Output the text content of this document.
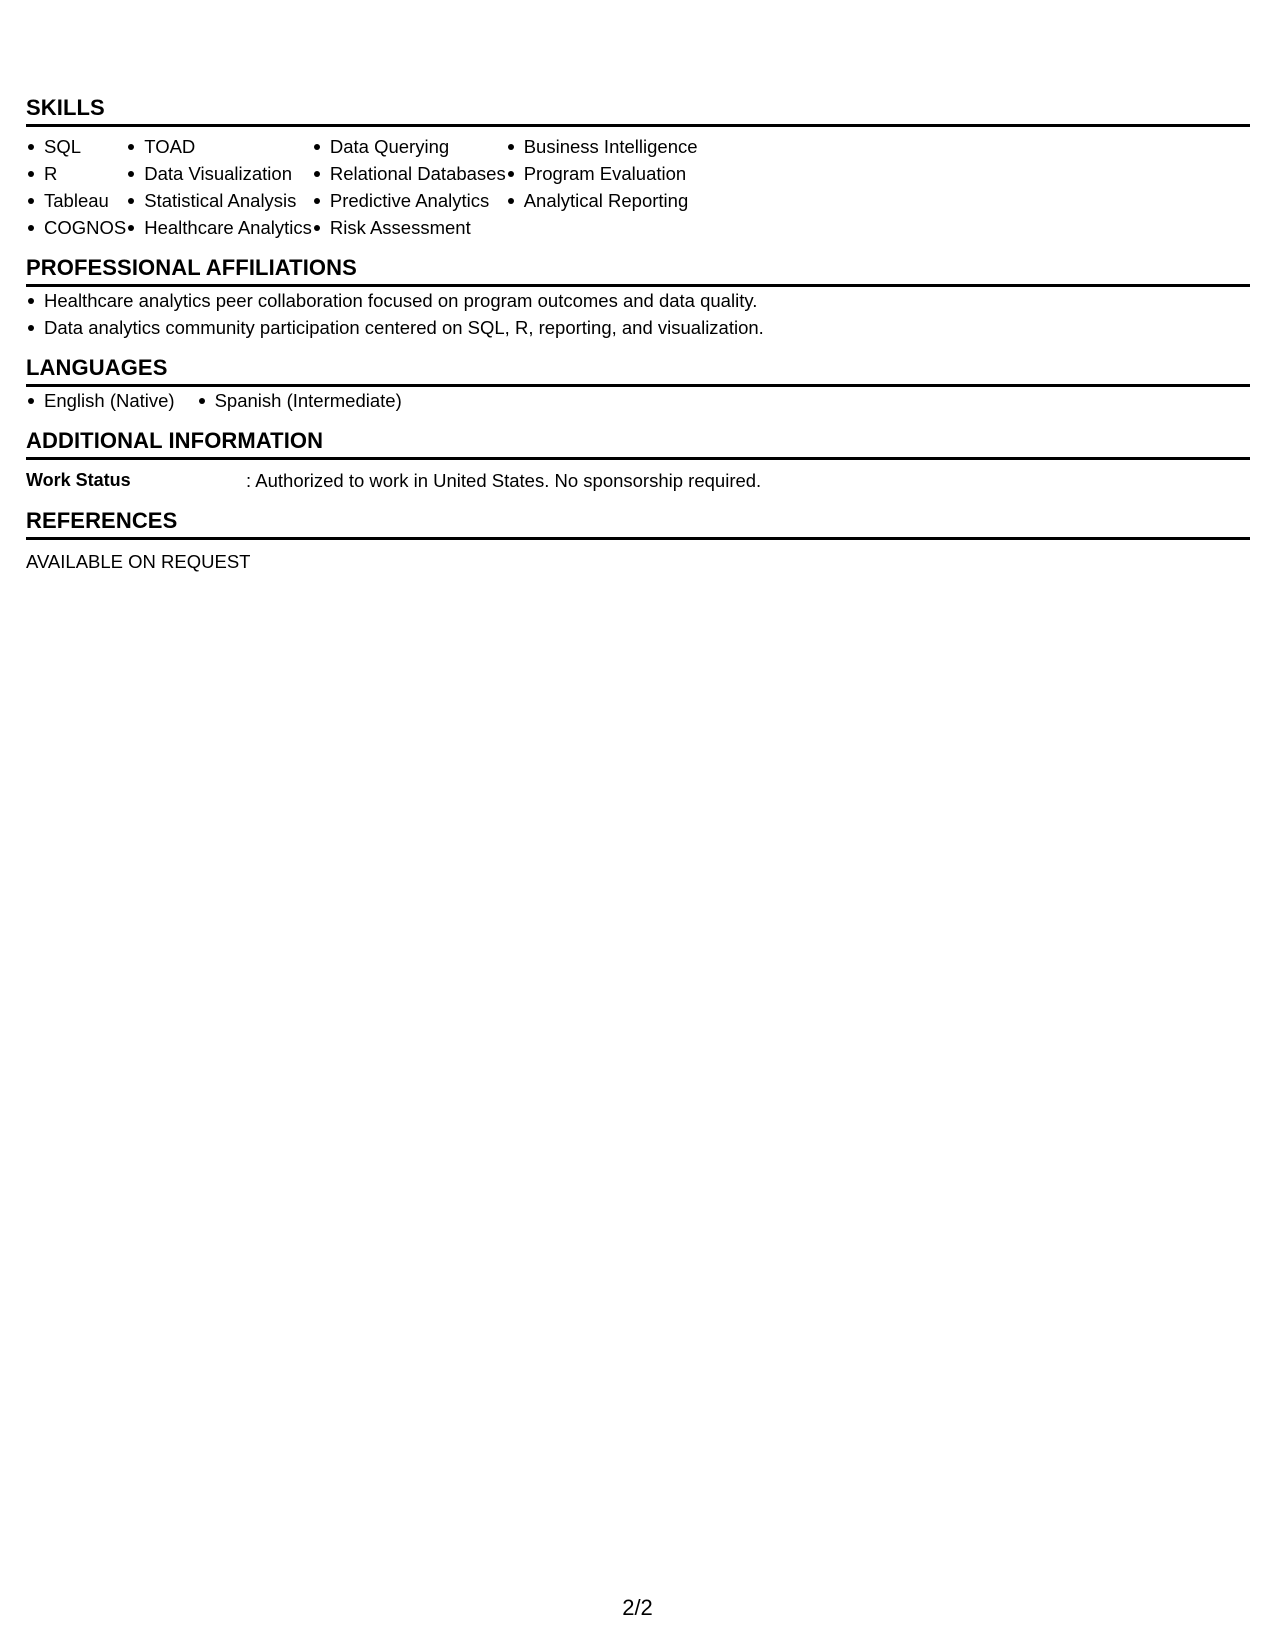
SKILLS
SQL
R
Tableau
COGNOS
TOAD
Data Visualization
Statistical Analysis
Healthcare Analytics
Data Querying
Relational Databases
Predictive Analytics
Risk Assessment
Business Intelligence
Program Evaluation
Analytical Reporting
PROFESSIONAL AFFILIATIONS
Healthcare analytics peer collaboration focused on program outcomes and data quality.
Data analytics community participation centered on SQL, R, reporting, and visualization.
LANGUAGES
English (Native)	Spanish (Intermediate)
ADDITIONAL INFORMATION
Work Status	: Authorized to work in United States. No sponsorship required.
REFERENCES
AVAILABLE ON REQUEST
2/2
